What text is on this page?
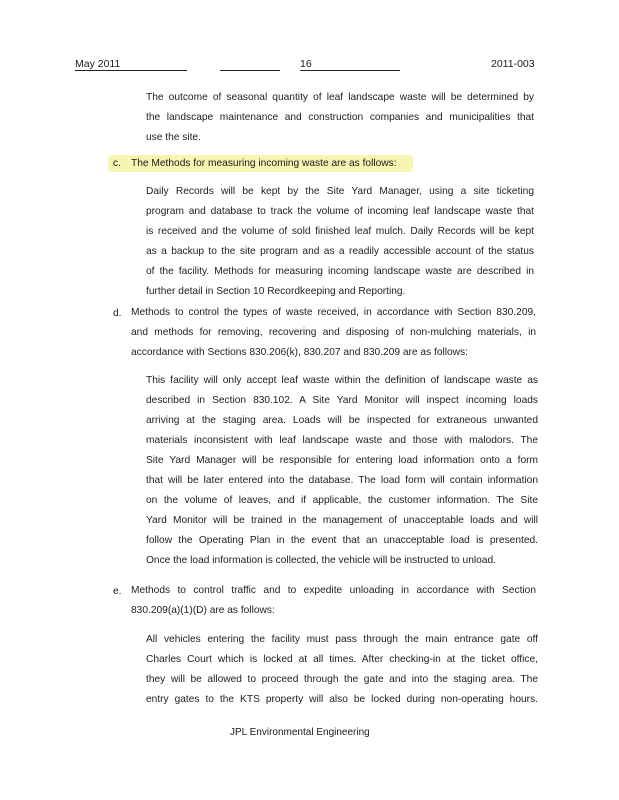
May 2011	16	2011-003
The outcome of seasonal quantity of leaf landscape waste will be determined by
the landscape maintenance and construction companies and municipalities that
use the site.
c. The Methods for measuring incoming waste are as follows:
Daily Records will be kept by the Site Yard Manager, using a site ticketing
program and database to track the volume of incoming leaf landscape waste that
is received and the volume of sold finished leaf mulch. Daily Records will be kept
as a backup to the site program and as a readily accessible account of the status
of the facility. Methods for measuring incoming landscape waste are described in
further detail in Section 10 Recordkeeping and Reporting.
d. Methods to control the types of waste received, in accordance with Section 830.209,
and methods for removing, recovering and disposing of non-mulching materials, in
accordance with Sections 830.206(k), 830.207 and 830.209 are as follows:
This facility will only accept leaf waste within the definition of landscape waste as
described in Section 830.102. A Site Yard Monitor will inspect incoming loads
arriving at the staging area. Loads will be inspected for extraneous unwanted
materials inconsistent with leaf landscape waste and those with malodors. The
Site Yard Manager will be responsible for entering load information onto a form
that will be later entered into the database. The load form will contain information
on the volume of leaves, and if applicable, the customer information. The Site
Yard Monitor will be trained in the management of unacceptable loads and will
follow the Operating Plan in the event that an unacceptable load is presented.
Once the load information is collected, the vehicle will be instructed to unload.
e. Methods to control traffic and to expedite unloading in accordance with Section
830.209(a)(1)(D) are as follows:
All vehicles entering the facility must pass through the main entrance gate off
Charles Court which is locked at all times. After checking-in at the ticket office,
they will be allowed to proceed through the gate and into the staging area. The
entry gates to the KTS property will also be locked during non-operating hours.
JPL Environmental Engineering
